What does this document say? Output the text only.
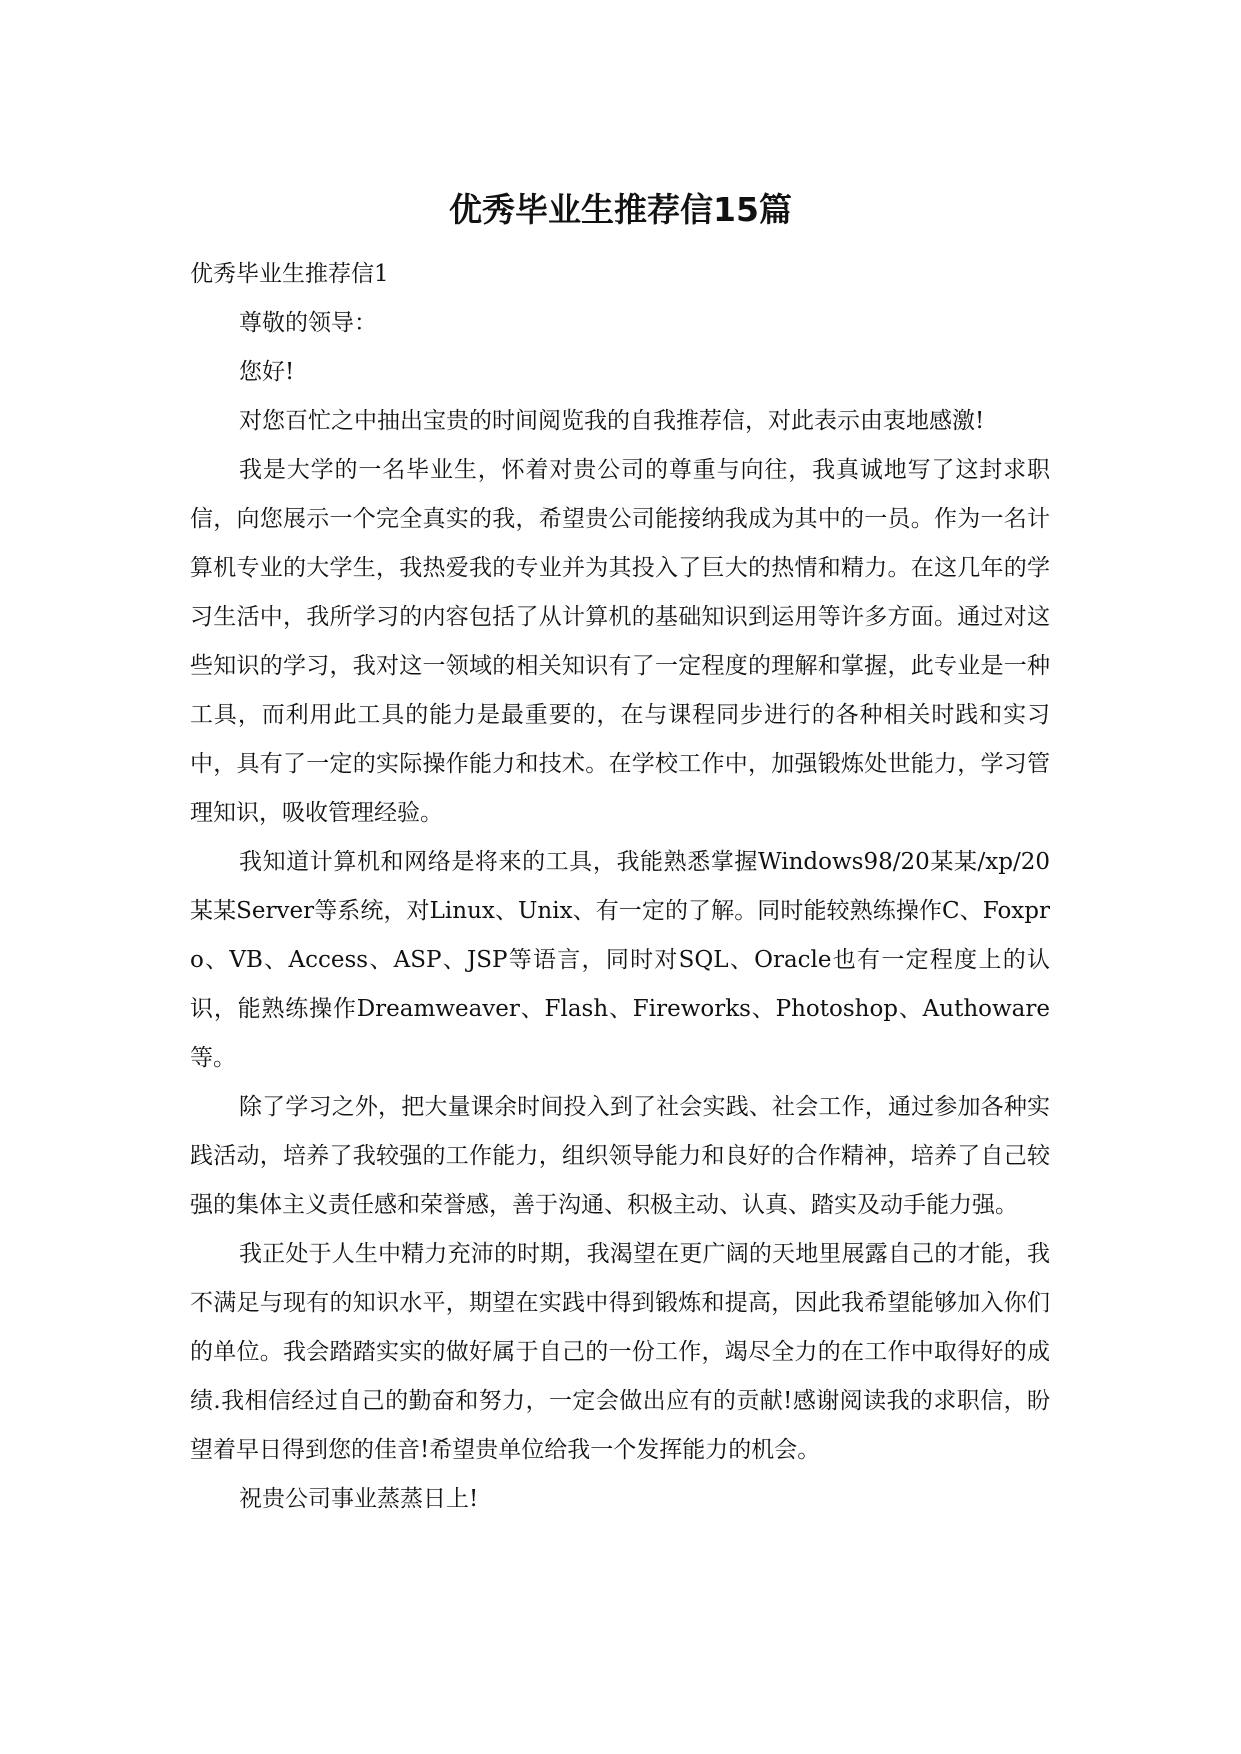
优秀毕业生推荐信15篇

优秀毕业生推荐信1

尊敬的领导：

您好!

对您百忙之中抽出宝贵的时间阅览我的自我推荐信，对此表示由衷地感激!

我是大学的一名毕业生，怀着对贵公司的尊重与向往，我真诚地写了这封求职信，向您展示一个完全真实的我，希望贵公司能接纳我成为其中的一员。作为一名计算机专业的大学生，我热爱我的专业并为其投入了巨大的热情和精力。在这几年的学习生活中，我所学习的内容包括了从计算机的基础知识到运用等许多方面。通过对这些知识的学习，我对这一领域的相关知识有了一定程度的理解和掌握，此专业是一种工具，而利用此工具的能力是最重要的，在与课程同步进行的各种相关时践和实习中，具有了一定的实际操作能力和技术。在学校工作中，加强锻炼处世能力，学习管理知识，吸收管理经验。

我知道计算机和网络是将来的工具，我能熟悉掌握Windows98/20某某/xp/20某某Server等系统，对Linux、Unix、有一定的了解。同时能较熟练操作C、Foxpro、VB、Access、ASP、JSP等语言，同时对SQL、Oracle也有一定程度上的认识，能熟练操作Dreamweaver、Flash、Fireworks、Photoshop、Authoware等。

除了学习之外，把大量课余时间投入到了社会实践、社会工作，通过参加各种实践活动，培养了我较强的工作能力，组织领导能力和良好的合作精神，培养了自己较强的集体主义责任感和荣誉感，善于沟通、积极主动、认真、踏实及动手能力强。

我正处于人生中精力充沛的时期，我渴望在更广阔的天地里展露自己的才能，我不满足与现有的知识水平，期望在实践中得到锻炼和提高，因此我希望能够加入你们的单位。我会踏踏实实的做好属于自己的一份工作，竭尽全力的在工作中取得好的成绩.我相信经过自己的勤奋和努力，一定会做出应有的贡献!感谢阅读我的求职信，盼望着早日得到您的佳音!希望贵单位给我一个发挥能力的机会。

祝贵公司事业蒸蒸日上!
